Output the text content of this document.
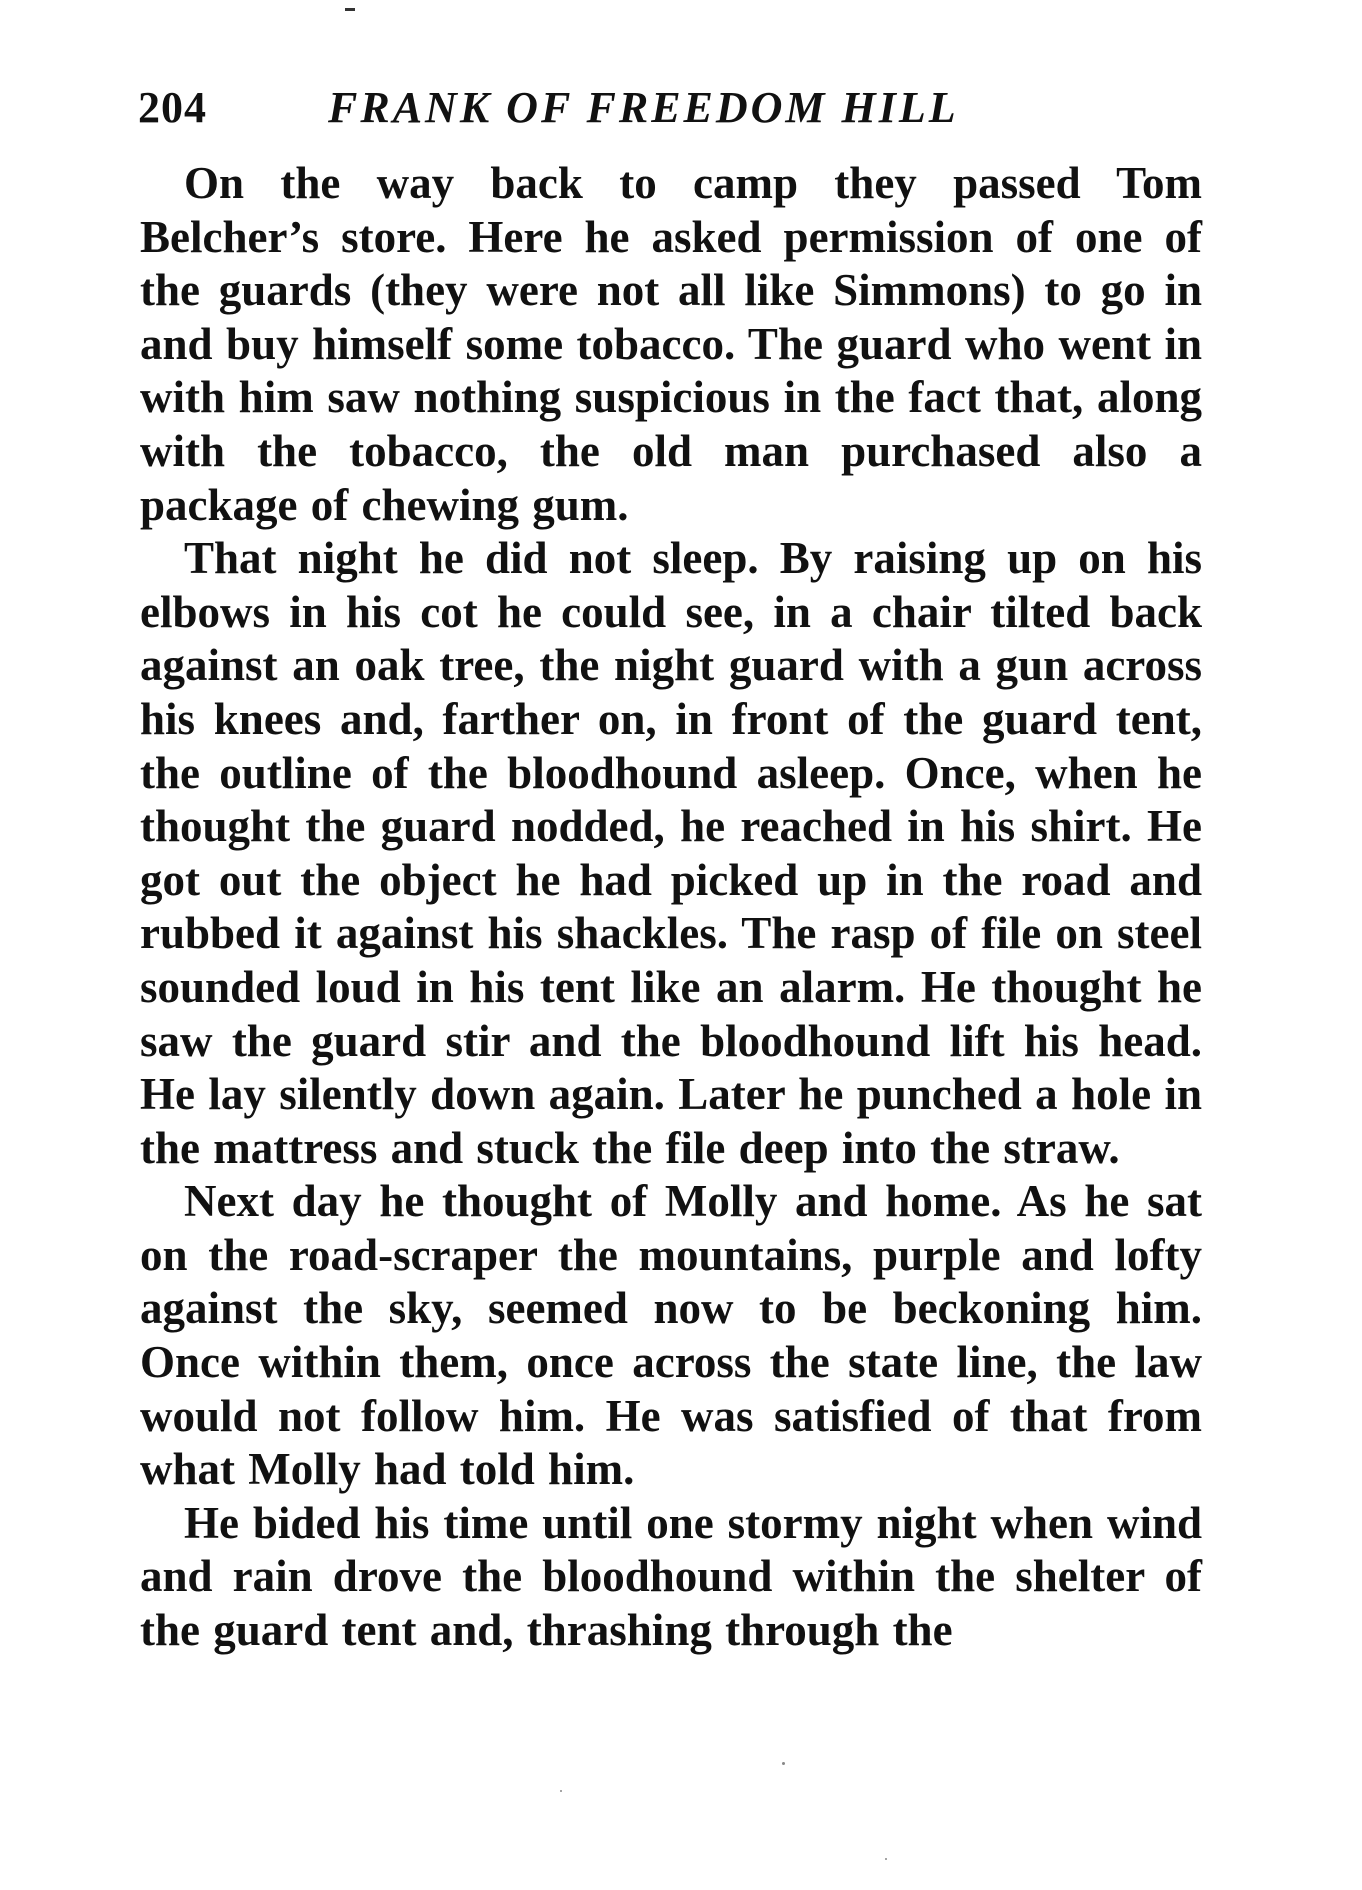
204	FRANK OF FREEDOM HILL

On the way back to camp they passed Tom Belcher’s store. Here he asked permission of one of the guards (they were not all like Simmons) to go in and buy himself some tobacco. The guard who went in with him saw nothing suspicious in the fact that, along with the tobacco, the old man purchased also a package of chewing gum.

That night he did not sleep. By raising up on his elbows in his cot he could see, in a chair tilted back against an oak tree, the night guard with a gun across his knees and, farther on, in front of the guard tent, the outline of the bloodhound asleep. Once, when he thought the guard nodded, he reached in his shirt. He got out the object he had picked up in the road and rubbed it against his shackles. The rasp of file on steel sounded loud in his tent like an alarm. He thought he saw the guard stir and the bloodhound lift his head. He lay silently down again. Later he punched a hole in the mattress and stuck the file deep into the straw.

Next day he thought of Molly and home. As he sat on the road-scraper the mountains, purple and lofty against the sky, seemed now to be beckoning him. Once within them, once across the state line, the law would not follow him. He was satisfied of that from what Molly had told him.

He bided his time until one stormy night when wind and rain drove the bloodhound within the shelter of the guard tent and, thrashing through the
